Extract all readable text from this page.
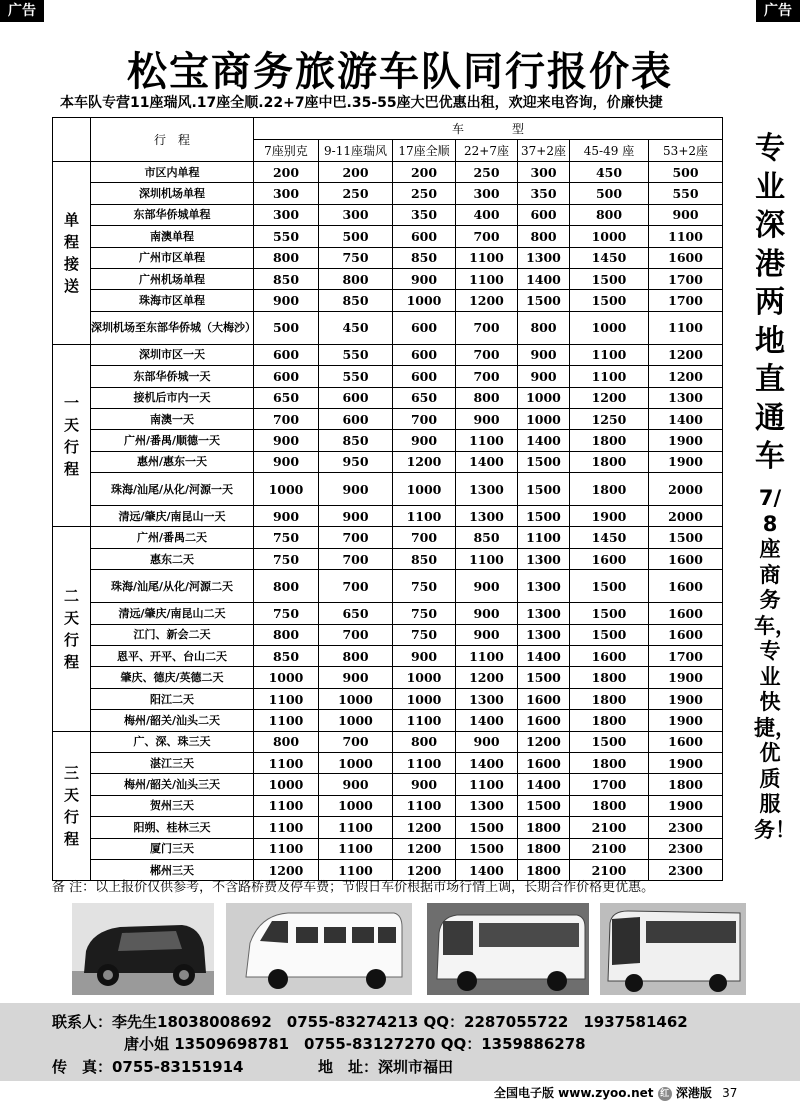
广告	广告
松宝商务旅游车队同行报价表
本车队专营11座瑞风.17座全顺.22+7座中巴.35-55座大巴优惠出租，欢迎来电咨询，价廉快捷
	行　程	车　　　　型						
		7座别克	9-11座瑞风	17座全顺	22+7座	37+2座	45-49 座	53+2座
单程接送	市区内单程	200	200	200	250	300	450	500
	深圳机场单程	300	250	250	300	350	500	550
	东部华侨城单程	300	300	350	400	600	800	900
	南澳单程	550	500	600	700	800	1000	1100
	广州市区单程	800	750	850	1100	1300	1450	1600
	广州机场单程	850	800	900	1100	1400	1500	1700
	珠海市区单程	900	850	1000	1200	1500	1500	1700
	深圳机场至东部华侨城（大梅沙）	500	450	600	700	800	1000	1100
一天行程	深圳市区一天	600	550	600	700	900	1100	1200
	东部华侨城一天	600	550	600	700	900	1100	1200
	接机后市内一天	650	600	650	800	1000	1200	1300
	南澳一天	700	600	700	900	1000	1250	1400
	广州/番禺/顺德一天	900	850	900	1100	1400	1800	1900
	惠州/惠东一天	900	950	1200	1400	1500	1800	1900
	珠海/汕尾/从化/河源一天	1000	900	1000	1300	1500	1800	2000
	清远/肇庆/南昆山一天	900	900	1100	1300	1500	1900	2000
二天行程	广州/番禺二天	750	700	700	850	1100	1450	1500
	惠东二天	750	700	850	1100	1300	1600	1600
	珠海/汕尾/从化/河源二天	800	700	750	900	1300	1500	1600
	清远/肇庆/南昆山二天	750	650	750	900	1300	1500	1600
	江门、新会二天	800	700	750	900	1300	1500	1600
	恩平、开平、台山二天	850	800	900	1100	1400	1600	1700
	肇庆、德庆/英德二天	1000	900	1000	1200	1500	1800	1900
	阳江二天	1100	1000	1000	1300	1600	1800	1900
	梅州/韶关/汕头二天	1100	1000	1100	1400	1600	1800	1900
三天行程	广、深、珠三天	800	700	800	900	1200	1500	1600
	湛江三天	1100	1000	1100	1400	1600	1800	1900
	梅州/韶关/汕头三天	1000	900	900	1100	1400	1700	1800
	贺州三天	1100	1000	1100	1300	1500	1800	1900
	阳朔、桂林三天	1100	1100	1200	1500	1800	2100	2300
	厦门三天	1100	1100	1200	1500	1800	2100	2300
	郴州三天	1200	1100	1200	1400	1800	2100	2300
专业深港两地直通车
7/8座商务车，专业快捷，优质服务！
备 注：以上报价仅供参考，不含路桥费及停车费；节假日车价根据市场行情上调，长期合作价格更优惠。
联系人：李先生18038008692　0755-83274213 QQ：2287055722　1937581462
唐小姐 13509698781　0755-83127270 QQ：1359886278
传　真：0755-83151914	地　址：深圳市福田
全国电子版 www.zyoo.net 红 深港版 37
